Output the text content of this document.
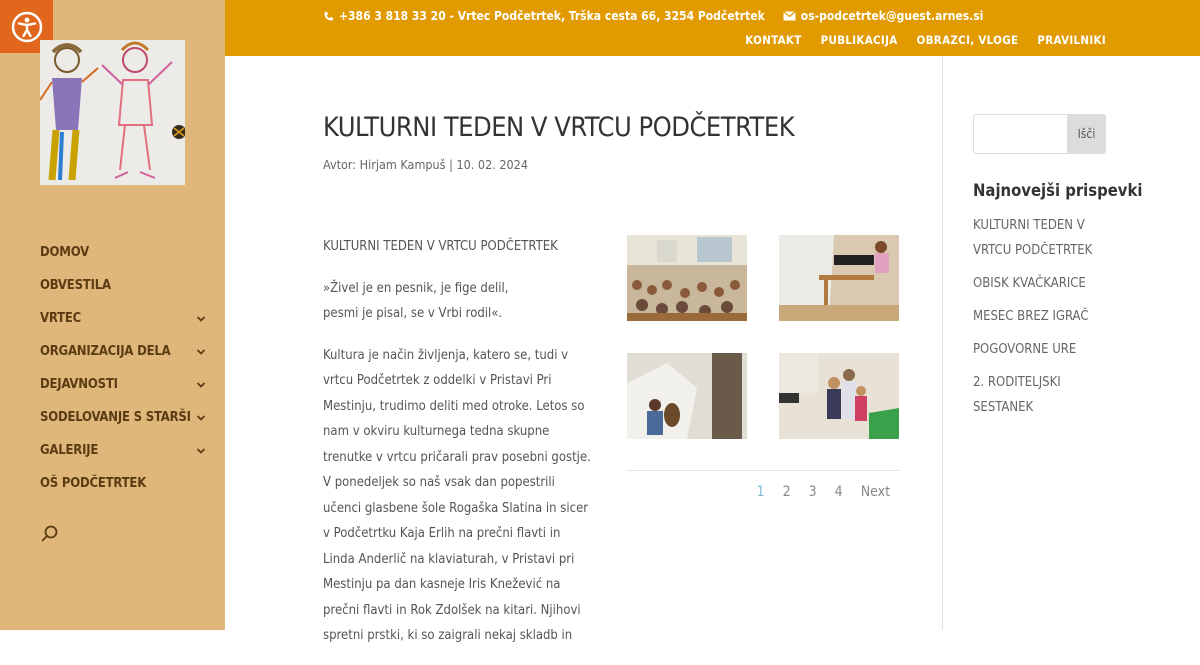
DOMOV
OBVESTILA
VRTEC
ORGANIZACIJA DELA
DEJAVNOSTI
SODELOVANJE S STARŠI
GALERIJE
OŠ PODČETRTEK
+386 3 818 33 20 - Vrtec Podčetrtek, Trška cesta 66, 3254 Podčetrtek	os-podcetrtek@guest.arnes.si
KONTAKT PUBLIKACIJA OBRAZCI, VLOGE PRAVILNIKI
KULTURNI TEDEN V VRTCU PODČETRTEK
Avtor: Hirjam Kampuš | 10. 02. 2024

KULTURNI TEDEN V VRTCU PODČETRTEK

»Živel je en pesnik, je fige delil,
pesmi je pisal, se v Vrbi rodil«.

Kultura je način življenja, katero se, tudi v vrtcu Podčetrtek z oddelki v Pristavi Pri Mestinju, trudimo deliti med otroke. Letos so nam v okviru kulturnega tedna skupne trenutke v vrtcu pričarali prav posebni gostje. V ponedeljek so naš vsak dan popestrili učenci glasbene šole Rogaška Slatina in sicer v Podčetrtku Kaja Erlih na prečni flavti in Linda Anderlič na klaviaturah, v Pristavi pri Mestinju pa dan kasneje Iris Knežević na prečni flavti in Rok Zdolšek na kitari. Njihovi spretni prstki, ki so zaigrali nekaj skladb in

1 2 3 4 Next
Išči
Najnovejši prispevki
KULTURNI TEDEN V VRTCU PODČETRTEK
OBISK KVAČKARICE
MESEC BREZ IGRAČ
POGOVORNE URE
2. RODITELJSKI SESTANEK
